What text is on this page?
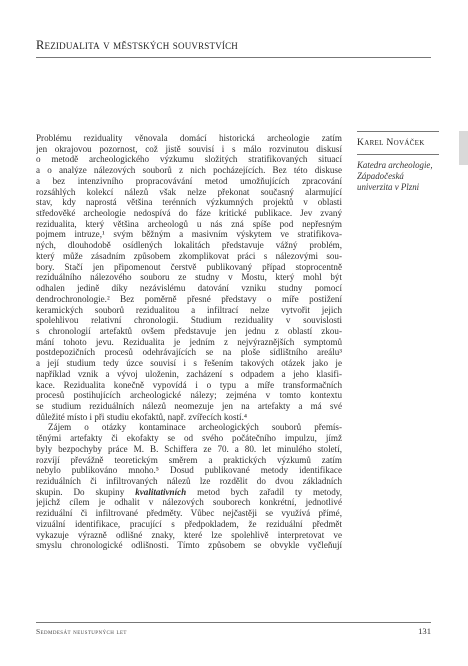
Rezidualita v městských souvrstvích
Problému reziduality věnovala domácí historická archeologie zatím
jen okrajovou pozornost, což jistě souvisí i s málo rozvinutou diskusí
o metodě archeologického výzkumu složitých stratifikovaných situací
a o analýze nálezových souborů z nich pocházejících. Bez této diskuse
a bez intenzivního propracovávání metod umožňujících zpracování
rozsáhlých kolekcí nálezů však nelze překonat současný alarmující
stav, kdy naprostá většina terénních výzkumných projektů v oblasti
středověké archeologie nedospívá do fáze kritické publikace. Jev zvaný
rezidualita, který většina archeologů u nás zná spíše pod nepřesným
pojmem intruze,¹ svým běžným a masivním výskytem ve stratifikova-
ných, dlouhodobě osídlených lokalitách představuje vážný problém,
který může zásadním způsobem zkomplikovat práci s nálezovými sou-
bory. Stačí jen připomenout čerstvě publikovaný případ stoprocentně
reziduálního nálezového souboru ze studny v Mostu, který mohl být
odhalen jedině díky nezávislému datování vzniku studny pomocí
dendrochronologie.² Bez poměrně přesné představy o míře postižení
keramických souborů rezidualitou a infiltrací nelze vytvořit jejich
spolehlivou relativní chronologii. Studium reziduality v souvislosti
s chronologií artefaktů ovšem představuje jen jednu z oblastí zkou-
mání tohoto jevu. Rezidualita je jedním z nejvýraznějších symptomů
postdepozičních procesů odehrávajících se na ploše sídlištního areálu³
a její studium tedy úzce souvisí i s řešením takových otázek jako je
například vznik a vývoj uloženin, zacházení s odpadem a jeho klasifi-
kace. Rezidualita konečně vypovídá i o typu a míře transformačních
procesů postihujících archeologické nálezy; zejména v tomto kontextu
se studium reziduálních nálezů neomezuje jen na artefakty a má své
důležité místo i při studiu ekofaktů, např. zvířecích kostí.⁴
Zájem o otázky kontaminace archeologických souborů přemís-
těnými artefakty či ekofakty se od svého počátečního impulzu, jímž
byly bezpochyby práce M. B. Schiffera ze 70. a 80. let minulého století,
rozvíjí převážně teoretickým směrem a praktických výzkumů zatím
nebylo publikováno mnoho.⁵ Dosud publikované metody identifikace
reziduálních či infiltrovaných nálezů lze rozdělit do dvou základních
skupin. Do skupiny kvalitativních metod bych zařadil ty metody,
jejichž cílem je odhalit v nálezových souborech konkrétní, jednotlivé
reziduální či infiltrované předměty. Vůbec nejčastěji se využívá přímé,
vizuální identifikace, pracující s předpokladem, že reziduální předmět
vykazuje výrazně odlišné znaky, které lze spolehlivě interpretovat ve
smyslu chronologické odlišnosti. Tímto způsobem se obvykle vyčleňují
Karel Nováček
Katedra archeologie,
Západočeská
univerzita v Plzni
Sedmdesát neustupných let	131
